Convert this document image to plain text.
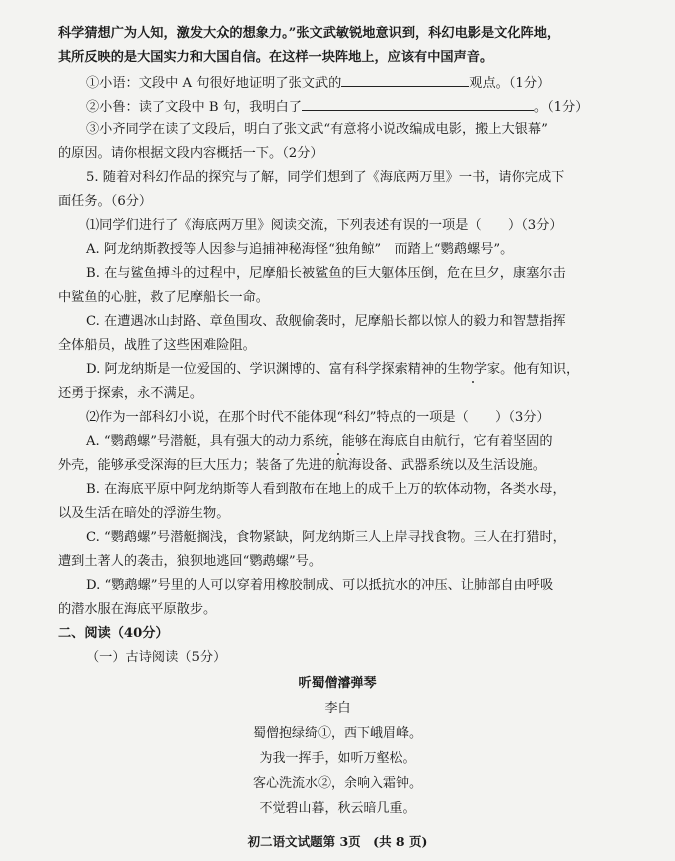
科学猜想广为人知，激发大众的想象力。”张文武敏锐地意识到，科幻电影是文化阵地，
其所反映的是大国实力和大国自信。在这样一块阵地上，应该有中国声音。
①小语：文段中 A 句很好地证明了张文武的	观点。（1分）
②小鲁：读了文段中 B 句，我明白了	。（1分）
③小齐同学在读了文段后，明白了张文武“有意将小说改编成电影，搬上大银幕”
的原因。请你根据文段内容概括一下。（2分）
5. 随着对科幻作品的探究与了解，同学们想到了《海底两万里》一书，请你完成下
面任务。（6分）
⑴同学们进行了《海底两万里》阅读交流，下列表述有误的一项是（　　）（3分）
A. 阿龙纳斯教授等人因参与追捕神秘海怪“独角鲸”　而踏上“鹦鹉螺号”。
B. 在与鲨鱼搏斗的过程中，尼摩船长被鲨鱼的巨大躯体压倒，危在旦夕，康塞尔击
中鲨鱼的心脏，救了尼摩船长一命。
C. 在遭遇冰山封路、章鱼围攻、敌舰偷袭时，尼摩船长都以惊人的毅力和智慧指挥
全体船员，战胜了这些困难险阻。
D. 阿龙纳斯是一位爱国的、学识渊博的、富有科学探索精神的生物学家。他有知识，
还勇于探索，永不满足。
⑵作为一部科幻小说，在那个时代不能体现“科幻”特点的一项是（　　）（3分）
A. “鹦鹉螺”号潜艇，具有强大的动力系统，能够在海底自由航行，它有着坚固的
外壳，能够承受深海的巨大压力；装备了先进的航海设备、武器系统以及生活设施。
B. 在海底平原中阿龙纳斯等人看到散布在地上的成千上万的软体动物，各类水母，
以及生活在暗处的浮游生物。
C. “鹦鹉螺”号潜艇搁浅，食物紧缺，阿龙纳斯三人上岸寻找食物。三人在打猎时，
遭到土著人的袭击，狼狈地逃回“鹦鹉螺”号。
D. “鹦鹉螺”号里的人可以穿着用橡胶制成、可以抵抗水的冲压、让肺部自由呼吸
的潜水服在海底平原散步。
二、阅读（40分）
（一）古诗阅读（5分）
听蜀僧濬弹琴
李白
蜀僧抱绿绮①，西下峨眉峰。
为我一挥手，如听万壑松。
客心洗流水②，余响入霜钟。
不觉碧山暮，秋云暗几重。
初二语文试题第 3页　(共 8 页)
